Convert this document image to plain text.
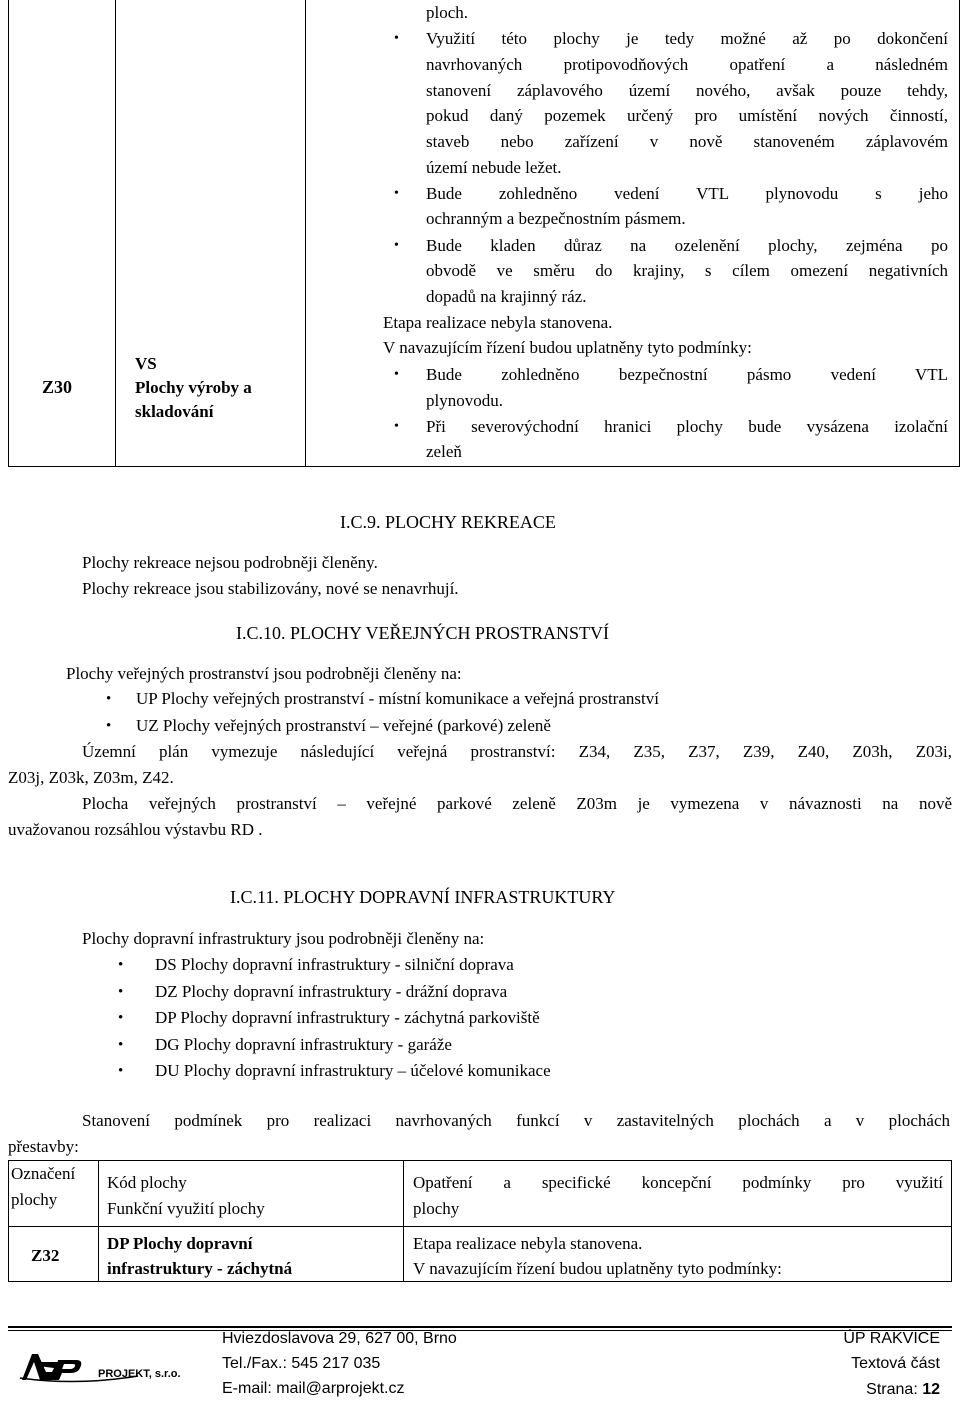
Z30
VS
Plochy výroby a
skladování
ploch.
• Využití této plochy je tedy možné až po dokončení
navrhovaných protipovodňových opatření a následném
stanovení záplavového území nového, avšak pouze tehdy,
pokud daný pozemek určený pro umístění nových činností,
staveb nebo zařízení v nově stanoveném záplavovém
území nebude ležet.
• Bude zohledněno vedení VTL plynovodu s jeho
ochranným a bezpečnostním pásmem.
• Bude kladen důraz na ozelenění plochy, zejména po
obvodě ve směru do krajiny, s cílem omezení negativních
dopadů na krajinný ráz.
Etapa realizace nebyla stanovena.
V navazujícím řízení budou uplatněny tyto podmínky:
• Bude zohledněno bezpečnostní pásmo vedení VTL
plynovodu.
• Při severovýchodní hranici plochy bude vysázena izolační
zeleň
I.C.9. PLOCHY REKREACE
Plochy rekreace nejsou podrobněji členěny.
Plochy rekreace jsou stabilizovány, nové se nenavrhují.
I.C.10. PLOCHY VEŘEJNÝCH PROSTRANSTVÍ
Plochy veřejných prostranství jsou podrobněji členěny na:
• UP Plochy veřejných prostranství - místní komunikace a veřejná prostranství
• UZ Plochy veřejných prostranství – veřejné (parkové) zeleně
Územní plán vymezuje následující veřejná prostranství: Z34, Z35, Z37, Z39, Z40, Z03h, Z03i,
Z03j, Z03k, Z03m, Z42.
Plocha veřejných prostranství – veřejné parkové zeleně Z03m je vymezena v návaznosti na nově
uvažovanou rozsáhlou výstavbu RD .
I.C.11. PLOCHY DOPRAVNÍ INFRASTRUKTURY
Plochy dopravní infrastruktury jsou podrobněji členěny na:
• DS Plochy dopravní infrastruktury - silniční doprava
• DZ Plochy dopravní infrastruktury - drážní doprava
• DP Plochy dopravní infrastruktury - záchytná parkoviště
• DG Plochy dopravní infrastruktury - garáže
• DU Plochy dopravní infrastruktury – účelové komunikace
Stanovení podmínek pro realizaci navrhovaných funkcí v zastavitelných plochách a v plochách
přestavby:
Označení
plochy
Kód plochy
Funkční využití plochy
Opatření a specifické koncepční podmínky pro využití
plochy
Z32
DP Plochy dopravní
infrastruktury - záchytná
Etapa realizace nebyla stanovena.
V navazujícím řízení budou uplatněny tyto podmínky:
PROJEKT, s.r.o.
Hviezdoslavova 29, 627 00, Brno
Tel./Fax.: 545 217 035
E-mail: mail@arprojekt.cz
ÚP RAKVICE
Textová část
Strana: 12
